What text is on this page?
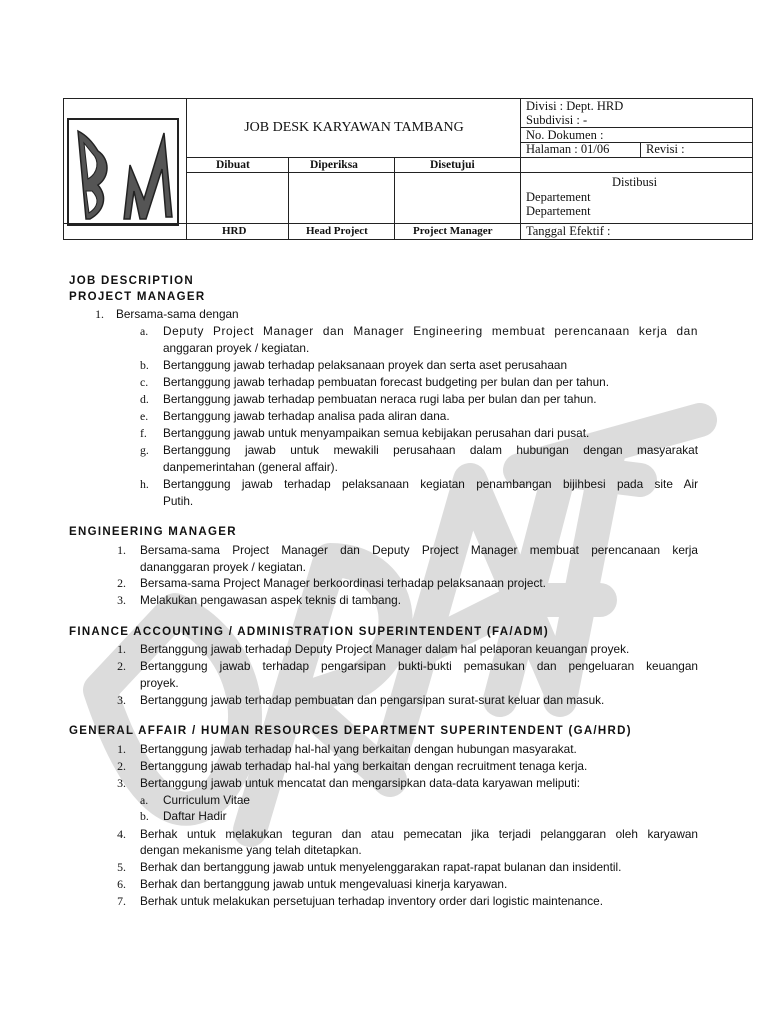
BM
JOB DESK KARYAWAN TAMBANG
Divisi : Dept. HRD
Subdivisi : -
No. Dokumen :
Halaman : 01/06	Revisi :
Dibuat	Diperiksa	Disetujui
Distibusi
Departement
Departement
HRD	Head Project	Project Manager	Tanggal Efektif :
JOB DESCRIPTION
PROJECT MANAGER
1. Bersama-sama dengan
a. Deputy Project Manager dan Manager Engineering membuat perencanaan kerja dan
anggaran proyek / kegiatan.
b. Bertanggung jawab terhadap pelaksanaan proyek dan serta aset perusahaan
c. Bertanggung jawab terhadap pembuatan forecast budgeting per bulan dan per tahun.
d. Bertanggung jawab terhadap pembuatan neraca rugi laba per bulan dan per tahun.
e. Bertanggung jawab terhadap analisa pada aliran dana.
f. Bertanggung jawab untuk menyampaikan semua kebijakan perusahan dari pusat.
g. Bertanggung jawab untuk mewakili perusahaan dalam hubungan dengan masyarakat
danpemerintahan (general affair).
h. Bertanggung jawab terhadap pelaksanaan kegiatan penambangan bijihbesi pada site Air
Putih.
ENGINEERING MANAGER
1. Bersama-sama Project Manager dan Deputy Project Manager membuat perencanaan kerja
dananggaran proyek / kegiatan.
2. Bersama-sama Project Manager berkoordinasi terhadap pelaksanaan project.
3. Melakukan pengawasan aspek teknis di tambang.
FINANCE ACCOUNTING / ADMINISTRATION SUPERINTENDENT (FA/ADM)
1. Bertanggung jawab terhadap Deputy Project Manager dalam hal pelaporan keuangan proyek.
2. Bertanggung jawab terhadap pengarsipan bukti-bukti pemasukan dan pengeluaran keuangan
proyek.
3. Bertanggung jawab terhadap pembuatan dan pengarsipan surat-surat keluar dan masuk.
GENERAL AFFAIR / HUMAN RESOURCES DEPARTMENT SUPERINTENDENT (GA/HRD)
1. Bertanggung jawab terhadap hal-hal yang berkaitan dengan hubungan masyarakat.
2. Bertanggung jawab terhadap hal-hal yang berkaitan dengan recruitment tenaga kerja.
3. Bertanggung jawab untuk mencatat dan mengarsipkan data-data karyawan meliputi:
a. Curriculum Vitae
b. Daftar Hadir
4. Berhak untuk melakukan teguran dan atau pemecatan jika terjadi pelanggaran oleh karyawan
dengan mekanisme yang telah ditetapkan.
5. Berhak dan bertanggung jawab untuk menyelenggarakan rapat-rapat bulanan dan insidentil.
6. Berhak dan bertanggung jawab untuk mengevaluasi kinerja karyawan.
7. Berhak untuk melakukan persetujuan terhadap inventory order dari logistic maintenance.
